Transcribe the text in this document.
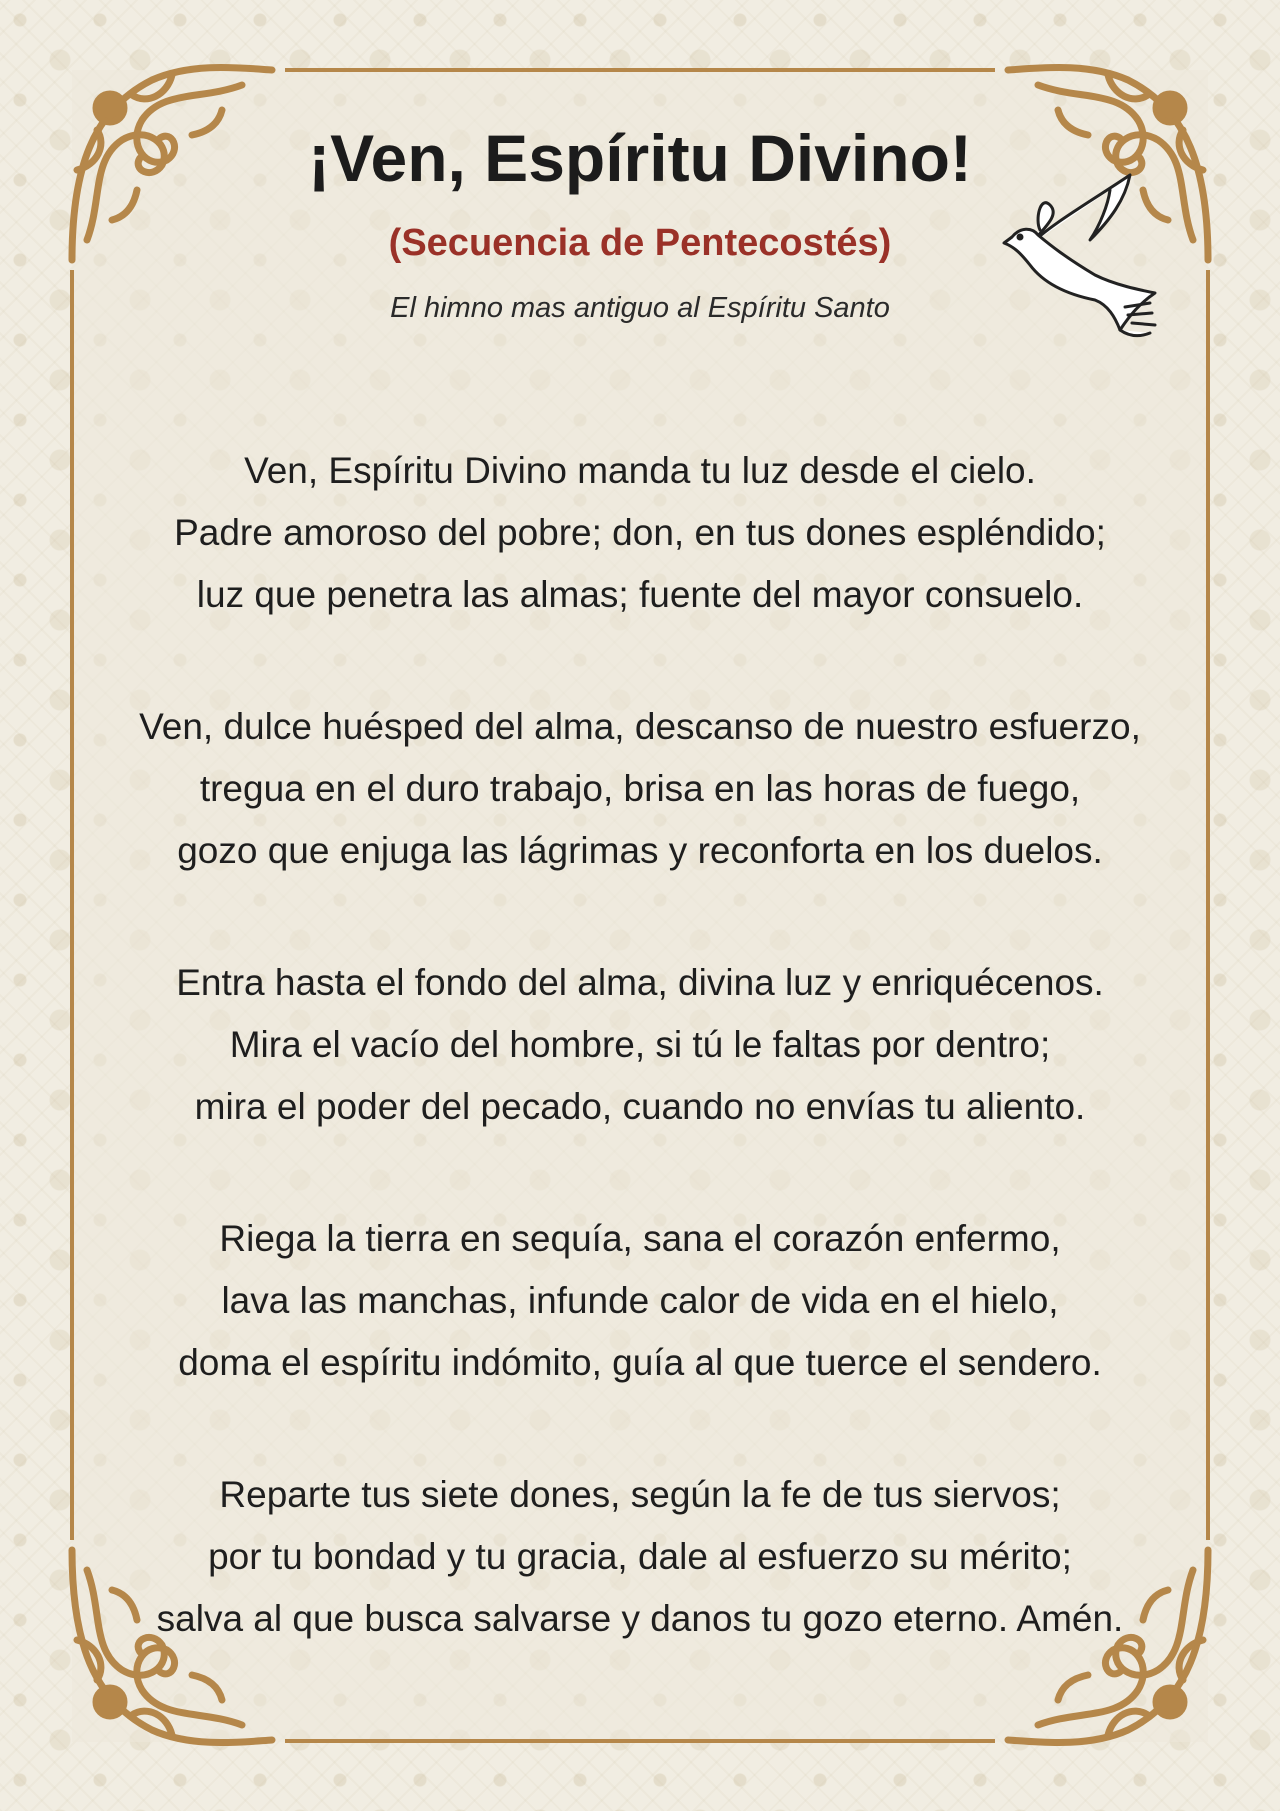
¡Ven, Espíritu Divino!
(Secuencia de Pentecostés)

El himno mas antiguo al Espíritu Santo

Ven, Espíritu Divino manda tu luz desde el cielo.
Padre amoroso del pobre; don, en tus dones espléndido;
luz que penetra las almas; fuente del mayor consuelo.
Ven, dulce huésped del alma, descanso de nuestro esfuerzo,
tregua en el duro trabajo, brisa en las horas de fuego,
gozo que enjuga las lágrimas y reconforta en los duelos.
Entra hasta el fondo del alma, divina luz y enriquécenos.
Mira el vacío del hombre, si tú le faltas por dentro;
mira el poder del pecado, cuando no envías tu aliento.
Riega la tierra en sequía, sana el corazón enfermo,
lava las manchas, infunde calor de vida en el hielo,
doma el espíritu indómito, guía al que tuerce el sendero.
Reparte tus siete dones, según la fe de tus siervos;
por tu bondad y tu gracia, dale al esfuerzo su mérito;
salva al que busca salvarse y danos tu gozo eterno. Amén.
